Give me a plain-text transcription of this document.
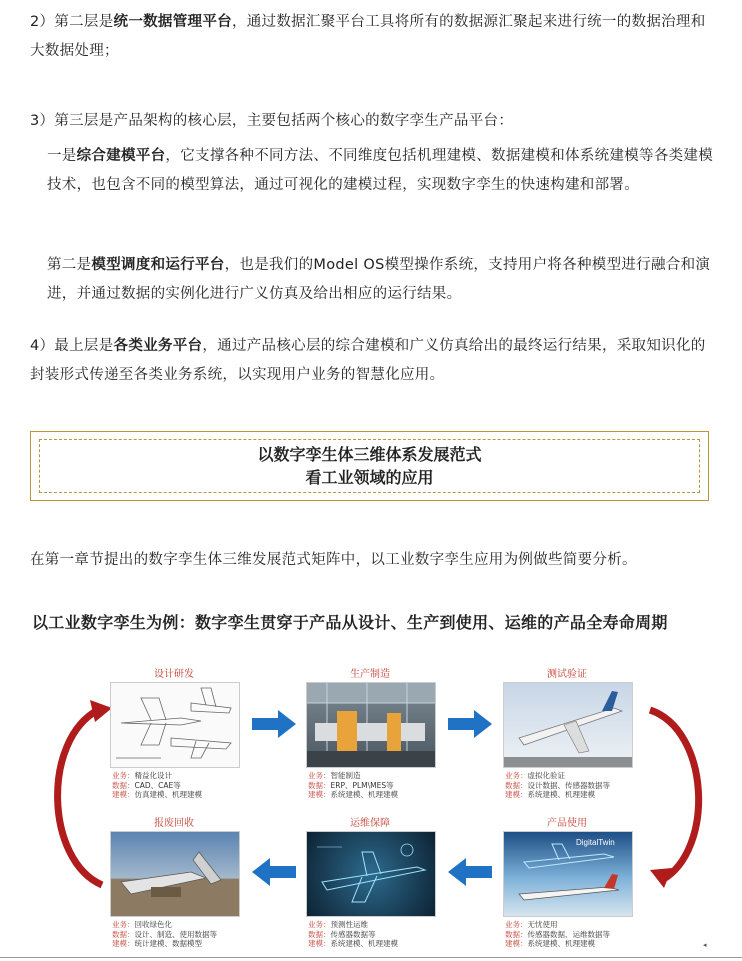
2）第二层是统一数据管理平台，通过数据汇聚平台工具将所有的数据源汇聚起来进行统一的数据治理和大数据处理；
3）第三层是产品架构的核心层，主要包括两个核心的数字孪生产品平台：
一是综合建模平台，它支撑各种不同方法、不同维度包括机理建模、数据建模和体系统建模等各类建模技术，也包含不同的模型算法，通过可视化的建模过程，实现数字孪生的快速构建和部署。
第二是模型调度和运行平台，也是我们的Model OS模型操作系统，支持用户将各种模型进行融合和演进，并通过数据的实例化进行广义仿真及给出相应的运行结果。
4）最上层是各类业务平台，通过产品核心层的综合建模和广义仿真给出的最终运行结果，采取知识化的封装形式传递至各类业务系统，以实现用户业务的智慧化应用。
以数字孪生体三维体系发展范式
看工业领域的应用
在第一章节提出的数字孪生体三维发展范式矩阵中，以工业数字孪生应用为例做些简要分析。
以工业数字孪生为例：数字孪生贯穿于产品从设计、生产到使用、运维的产品全寿命周期
设计研发
业务：精益化设计
数据：CAD、CAE等
建模：仿真建模、机理建模
生产制造
业务：智能制造
数据：ERP、PLM\MES等
建模：系统建模、机理建模
测试验证
业务：虚拟化验证
数据：设计数据、传感器数据等
建模：系统建模、机理建模
报废回收
业务：回收绿色化
数据：设计、制造、使用数据等
建模：统计建模、数据模型
运维保障
业务：预测性运维
数据：传感器数据等
建模：系统建模、机理建模
产品使用
DigitalTwin
业务：无忧使用
数据：传感器数据、运维数据等
建模：系统建模、机理建模	◂
